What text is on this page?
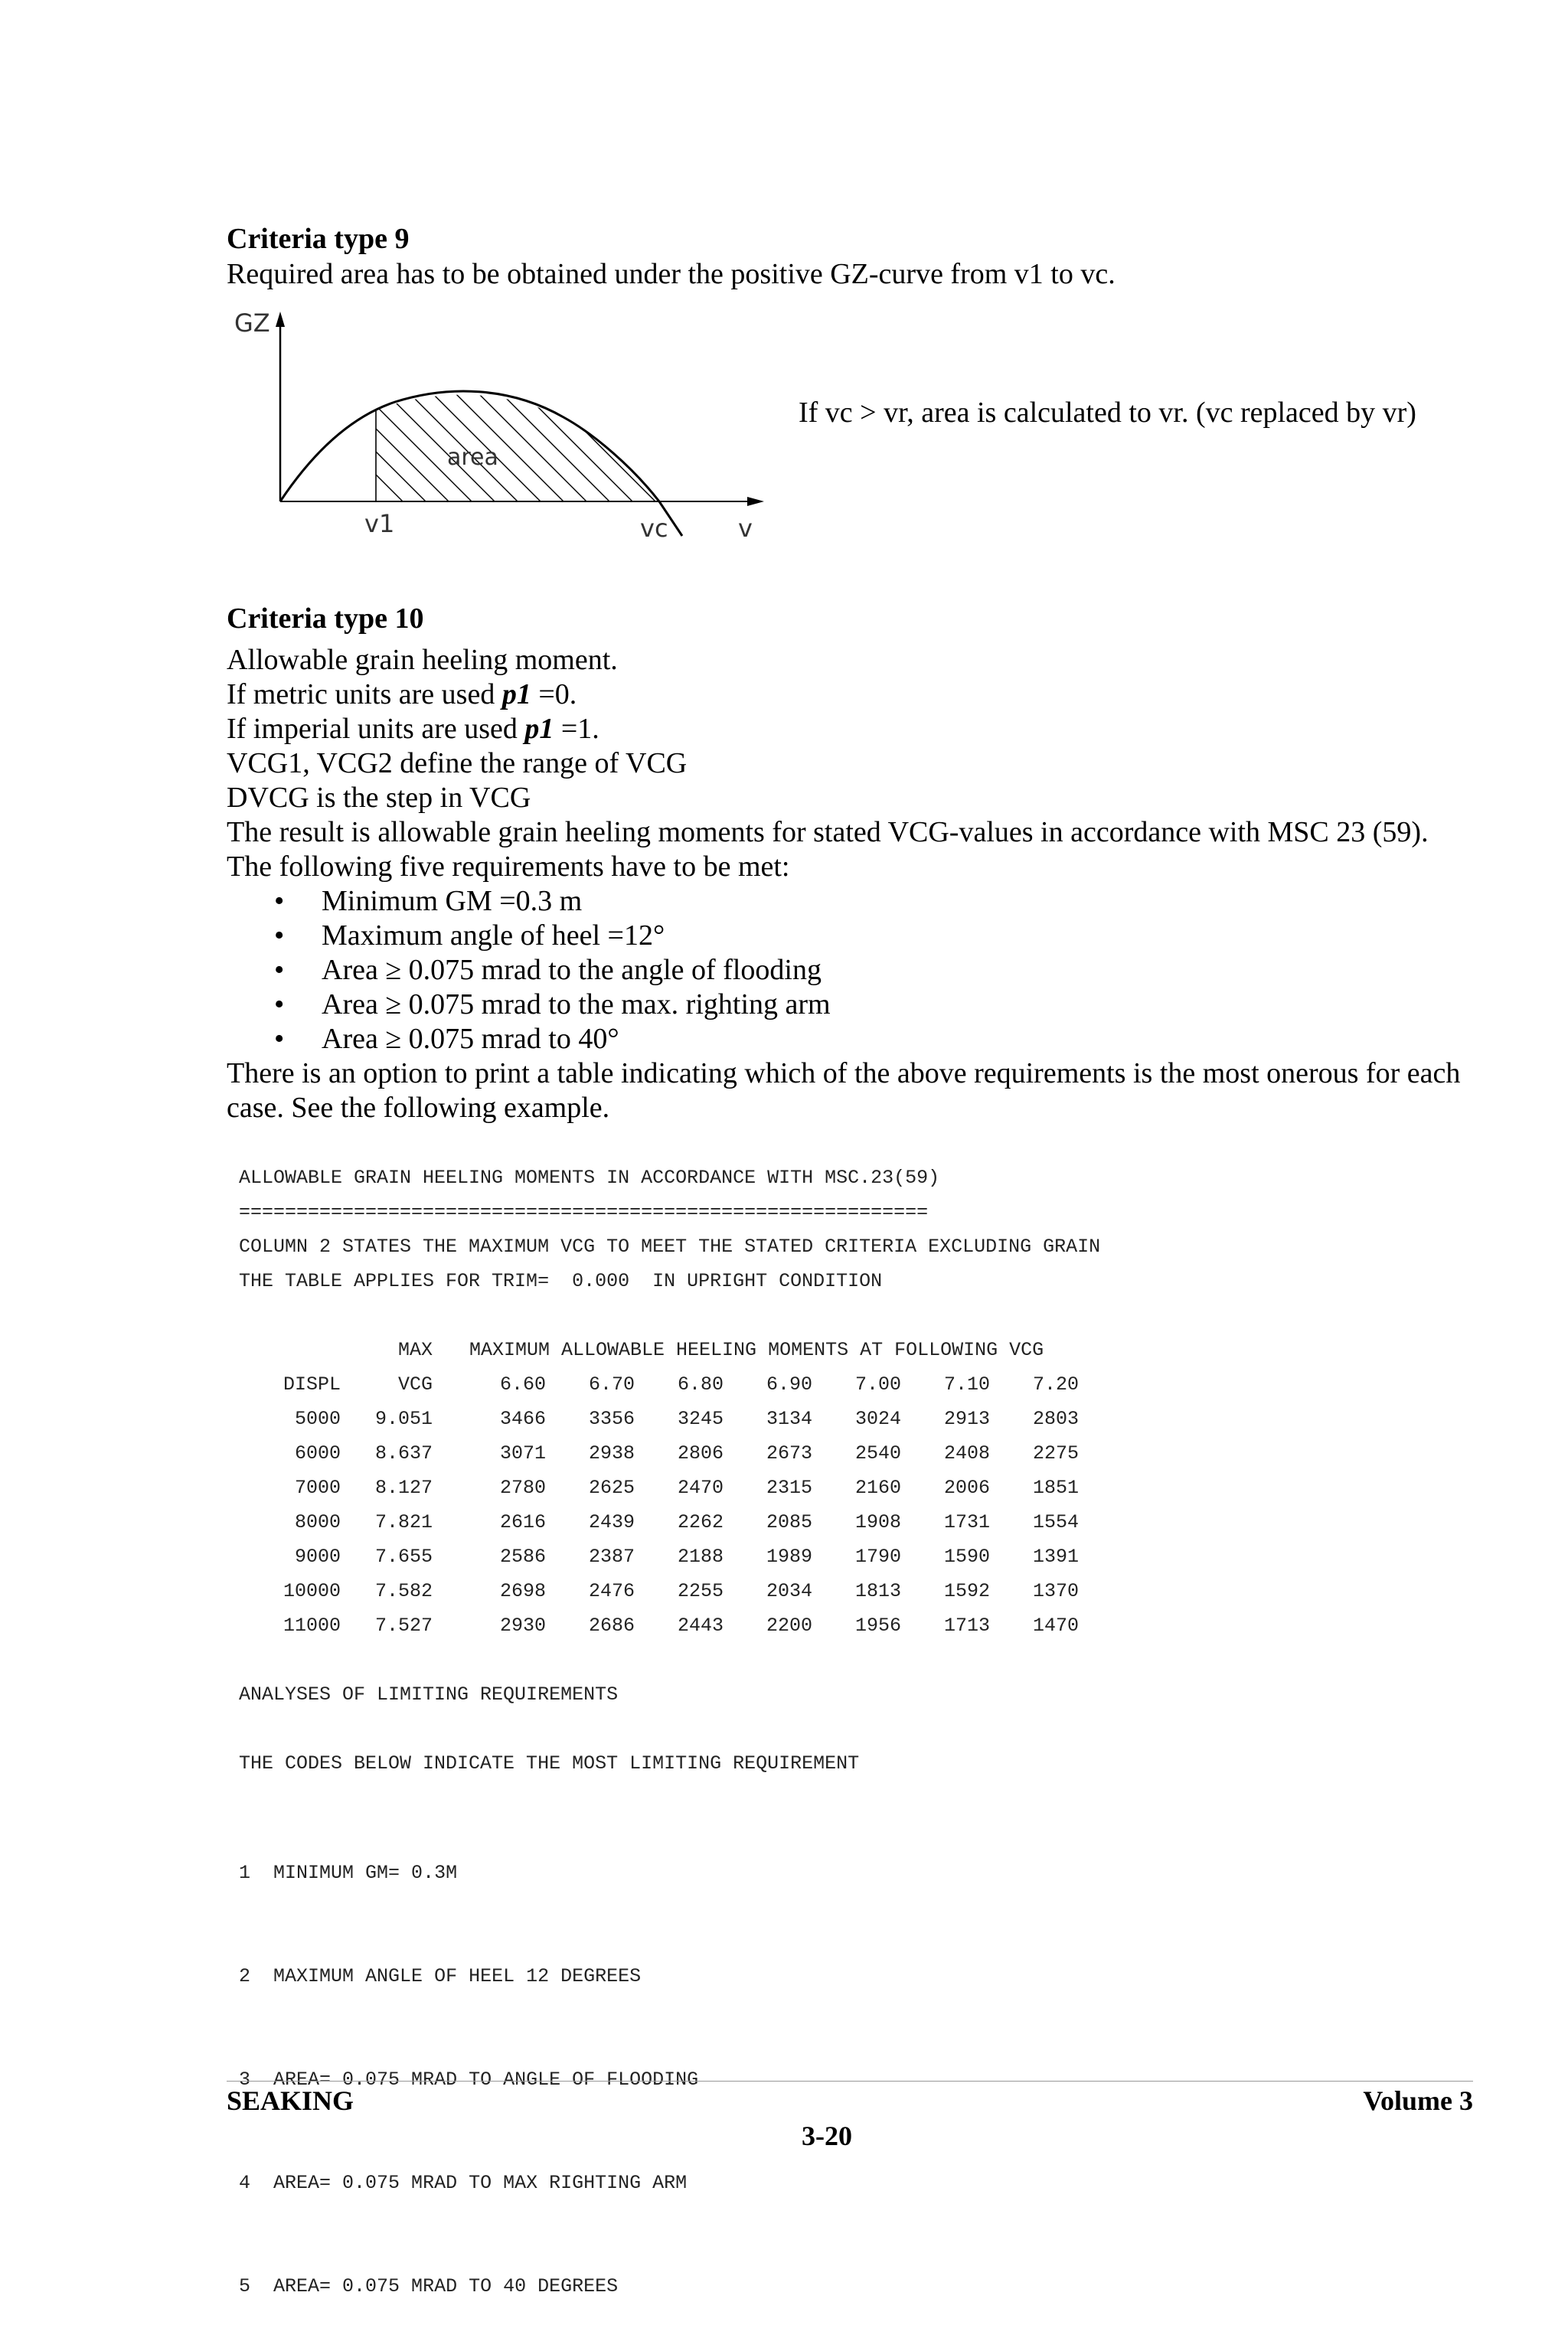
Criteria type 9
Required area has to be obtained under the positive GZ-curve from v1 to vc.
GZ
area
v1	vc	v
If vc > vr, area is calculated to vr. (vc replaced by vr)
Criteria type 10
Allowable grain heeling moment.
If metric units are used p1 =0.
If imperial units are used p1 =1.
VCG1, VCG2 define the range of VCG
DVCG is the step in VCG
The result is allowable grain heeling moments for stated VCG-values in accordance with MSC 23 (59).
The following five requirements have to be met:
• Minimum GM =0.3 m
• Maximum angle of heel =12°
• Area ≥ 0.075 mrad to the angle of flooding
• Area ≥ 0.075 mrad to the max. righting arm
• Area ≥ 0.075 mrad to 40°
There is an option to print a table indicating which of the above requirements is the most onerous for each
case. See the following example.
ALLOWABLE GRAIN HEELING MOMENTS IN ACCORDANCE WITH MSC.23(59)
============================================================
COLUMN 2 STATES THE MAXIMUM VCG TO MEET THE STATED CRITERIA EXCLUDING GRAIN
THE TABLE APPLIES FOR TRIM=  0.000  IN UPRIGHT CONDITION
	MAX	MAXIMUM ALLOWABLE HEELING MOMENTS AT FOLLOWING VCG						
DISPL	VCG	6.60	6.70	6.80	6.90	7.00	7.10	7.20
5000	9.051	3466	3356	3245	3134	3024	2913	2803
6000	8.637	3071	2938	2806	2673	2540	2408	2275
7000	8.127	2780	2625	2470	2315	2160	2006	1851
8000	7.821	2616	2439	2262	2085	1908	1731	1554
9000	7.655	2586	2387	2188	1989	1790	1590	1391
10000	7.582	2698	2476	2255	2034	1813	1592	1370
11000	7.527	2930	2686	2443	2200	1956	1713	1470
ANALYSES OF LIMITING REQUIREMENTS
THE CODES BELOW INDICATE THE MOST LIMITING REQUIREMENT

1 MINIMUM GM= 0.3M

2 MAXIMUM ANGLE OF HEEL 12 DEGREES

3 AREA= 0.075 MRAD TO ANGLE OF FLOODING

4 AREA= 0.075 MRAD TO MAX RIGHTING ARM

5 AREA= 0.075 MRAD TO 40 DEGREES

SEAKING	Volume 3
3-20
